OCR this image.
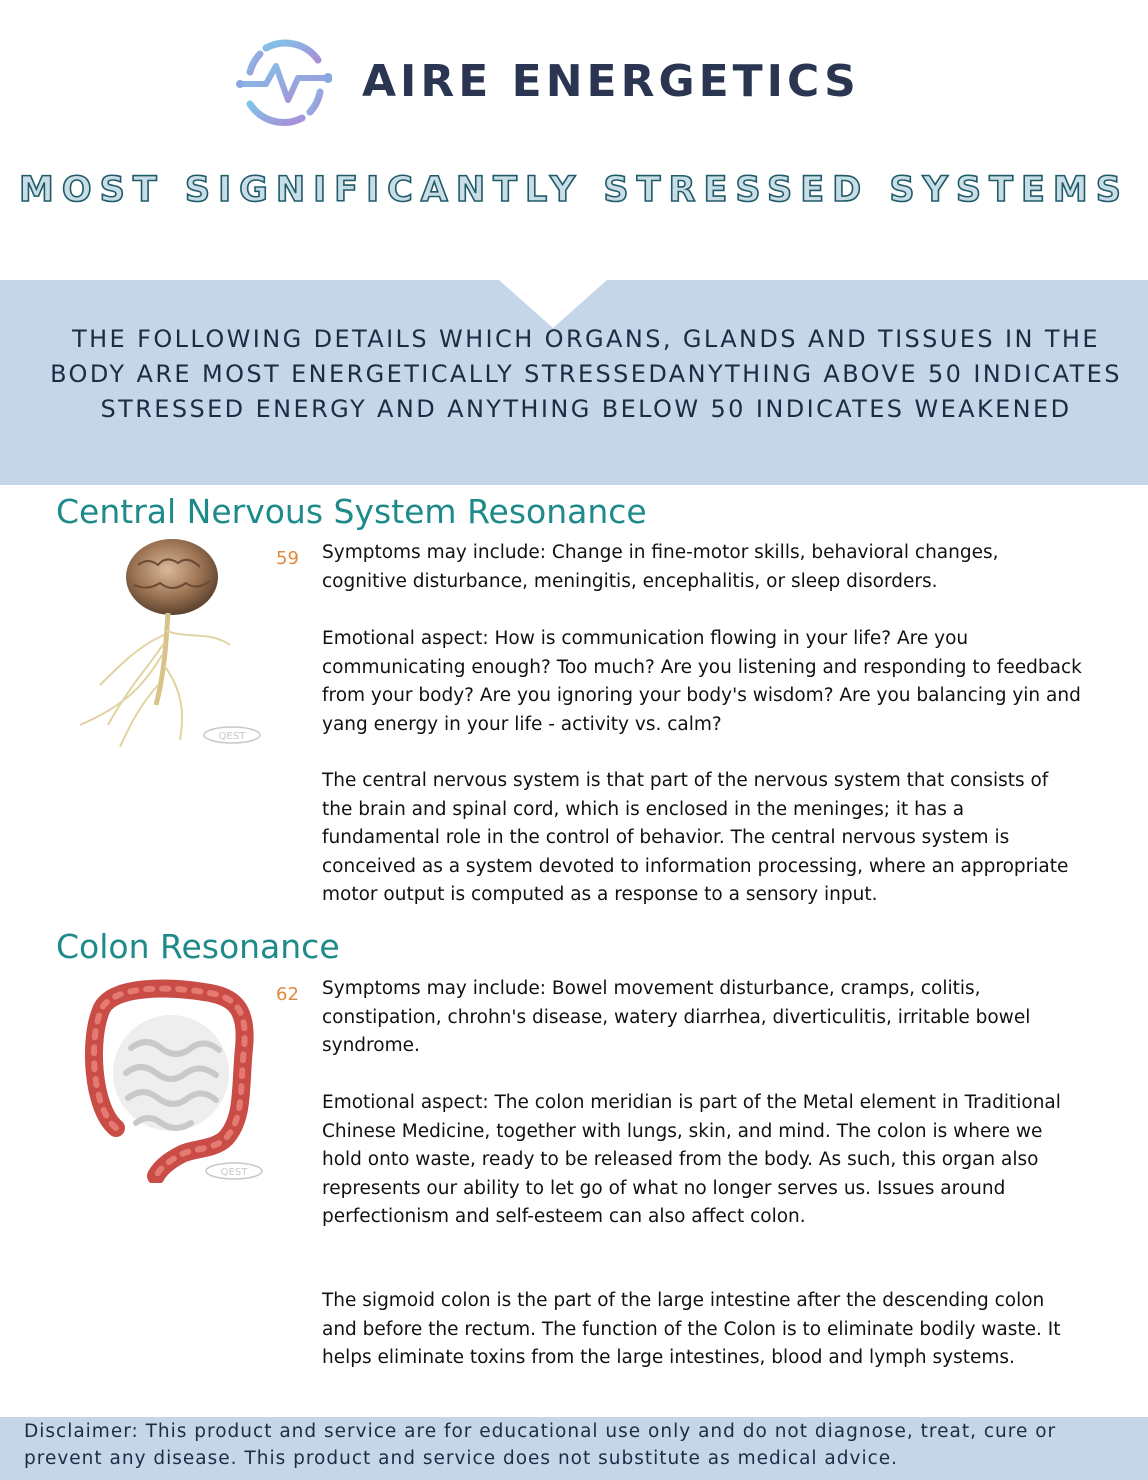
AIRE ENERGETICS
MOST SIGNIFICANTLY STRESSED SYSTEMS
THE FOLLOWING DETAILS WHICH ORGANS, GLANDS AND TISSUES IN THE BODY ARE MOST ENERGETICALLY STRESSEDANYTHING ABOVE 50 INDICATES STRESSED ENERGY AND ANYTHING BELOW 50 INDICATES WEAKENED
Central Nervous System Resonance
QEST
59 Symptoms may include: Change in fine-motor skills, behavioral changes, cognitive disturbance, meningitis, encephalitis, or sleep disorders.

Emotional aspect: How is communication flowing in your life? Are you communicating enough? Too much? Are you listening and responding to feedback from your body? Are you ignoring your body's wisdom? Are you balancing yin and yang energy in your life - activity vs. calm?

The central nervous system is that part of the nervous system that consists of the brain and spinal cord, which is enclosed in the meninges; it has a fundamental role in the control of behavior. The central nervous system is conceived as a system devoted to information processing, where an appropriate motor output is computed as a response to a sensory input.

Colon Resonance
QEST
62 Symptoms may include: Bowel movement disturbance, cramps, colitis, constipation, chrohn's disease, watery diarrhea, diverticulitis, irritable bowel syndrome.

Emotional aspect: The colon meridian is part of the Metal element in Traditional Chinese Medicine, together with lungs, skin, and mind. The colon is where we hold onto waste, ready to be released from the body. As such, this organ also represents our ability to let go of what no longer serves us. Issues around perfectionism and self-esteem can also affect colon.

The sigmoid colon is the part of the large intestine after the descending colon and before the rectum. The function of the Colon is to eliminate bodily waste. It helps eliminate toxins from the large intestines, blood and lymph systems.

Disclaimer: This product and service are for educational use only and do not diagnose, treat, cure or prevent any disease. This product and service does not substitute as medical advice.
